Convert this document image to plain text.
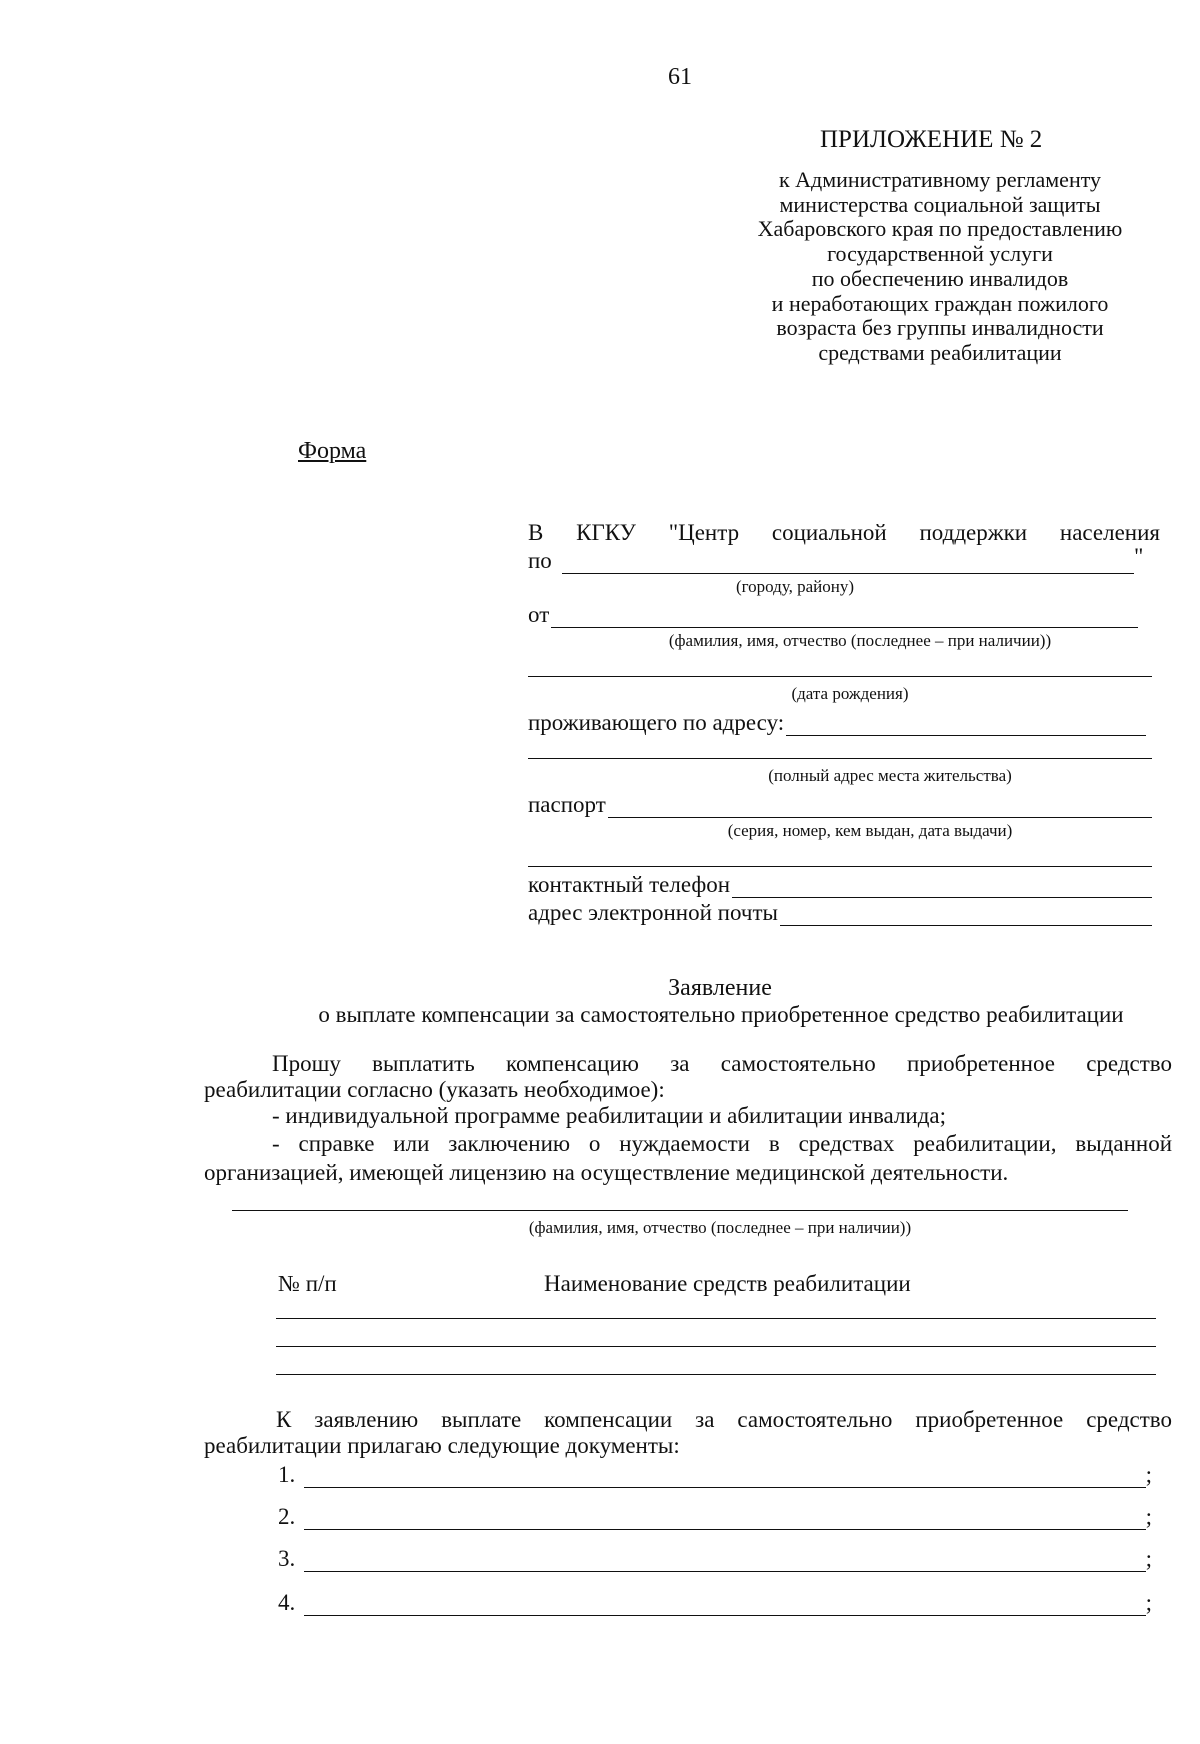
61
ПРИЛОЖЕНИЕ № 2
к Административному регламенту
министерства социальной защиты
Хабаровского края по предоставлению
государственной услуги
по обеспечению инвалидов
и неработающих граждан пожилого
возраста без группы инвалидности
средствами реабилитации
Форма
В КГКУ "Центр социальной поддержки населения
по	"
(городу, району)
от
(фамилия, имя, отчество (последнее – при наличии))
(дата рождения)
проживающего по адресу:
(полный адрес места жительства)
паспорт
(серия, номер, кем выдан, дата выдачи)
контактный телефон
адрес электронной почты
Заявление
о выплате компенсации за самостоятельно приобретенное средство реабилитации
Прошу выплатить компенсацию за самостоятельно приобретенное средство
реабилитации согласно (указать необходимое):
- индивидуальной программе реабилитации и абилитации инвалида;
- справке или заключению о нуждаемости в средствах реабилитации, выданной
организацией, имеющей лицензию на осуществление медицинской деятельности.
(фамилия, имя, отчество (последнее – при наличии))
№ п/п	Наименование средств реабилитации
К заявлению выплате компенсации за самостоятельно приобретенное средство
реабилитации прилагаю следующие документы:
1.	;
2.	;
3.	;
4.	;
